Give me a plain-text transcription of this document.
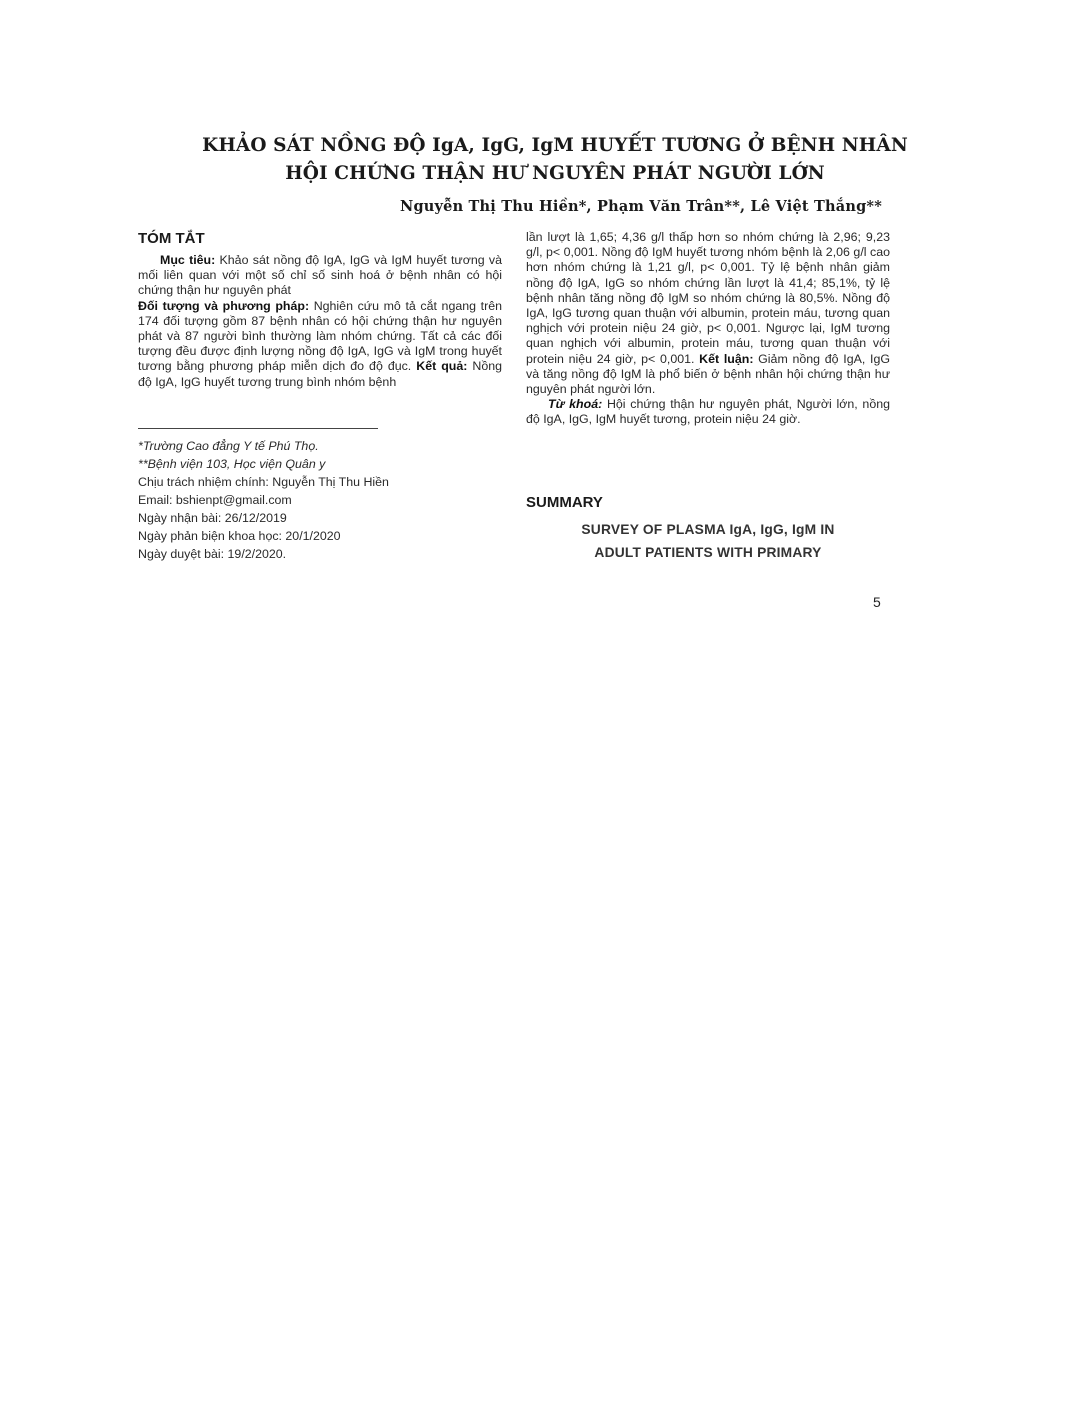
KHẢO SÁT NỒNG ĐỘ IgA, IgG, IgM HUYẾT TƯƠNG Ở BỆNH NHÂN
HỘI CHỨNG THẬN HƯ NGUYÊN PHÁT NGƯỜI LỚN
Nguyễn Thị Thu Hiền*, Phạm Văn Trân**, Lê Việt Thắng**
TÓM TẮT

Mục tiêu: Khảo sát nồng độ IgA, IgG và IgM huyết tương và mối liên quan với một số chỉ số sinh hoá ở bệnh nhân có hội chứng thận hư nguyên phát
Đối tượng và phương pháp: Nghiên cứu mô tả cắt ngang trên 174 đối tượng gồm 87 bệnh nhân có hội chứng thận hư nguyên phát và 87 người bình thường làm nhóm chứng. Tất cả các đối tượng đều được định lượng nồng độ IgA, IgG và IgM trong huyết tương bằng phương pháp miễn dịch đo độ đục. Kết quả: Nồng độ IgA, IgG huyết tương trung bình nhóm bệnh

*Trường Cao đẳng Y tế Phú Thọ.
**Bệnh viện 103, Học viện Quân y
Chịu trách nhiệm chính: Nguyễn Thị Thu Hiền
Email: bshienpt@gmail.com
Ngày nhận bài: 26/12/2019
Ngày phản biện khoa học: 20/1/2020
Ngày duyệt bài: 19/2/2020.

lần lượt là 1,65; 4,36 g/l thấp hơn so nhóm chứng là 2,96; 9,23 g/l, p< 0,001. Nồng độ IgM huyết tương nhóm bệnh là 2,06 g/l cao hơn nhóm chứng là 1,21 g/l, p< 0,001. Tỷ lệ bệnh nhân giảm nồng độ IgA, IgG so nhóm chứng lần lượt là 41,4; 85,1%, tỷ lệ bệnh nhân tăng nồng độ IgM so nhóm chứng là 80,5%. Nồng độ IgA, IgG tương quan thuận với albumin, protein máu, tương quan nghịch với protein niệu 24 giờ, p< 0,001. Ngược lại, IgM tương quan nghịch với albumin, protein máu, tương quan thuận với protein niệu 24 giờ, p< 0,001. Kết luận: Giảm nồng độ IgA, IgG và tăng nồng độ IgM là phổ biến ở bệnh nhân hội chứng thận hư nguyên phát người lớn.

Từ khoá: Hội chứng thận hư nguyên phát, Người lớn, nồng độ IgA, IgG, IgM huyết tương, protein niệu 24 giờ.

SUMMARY
SURVEY OF PLASMA IgA, IgG, IgM IN
ADULT PATIENTS WITH PRIMARY
5
